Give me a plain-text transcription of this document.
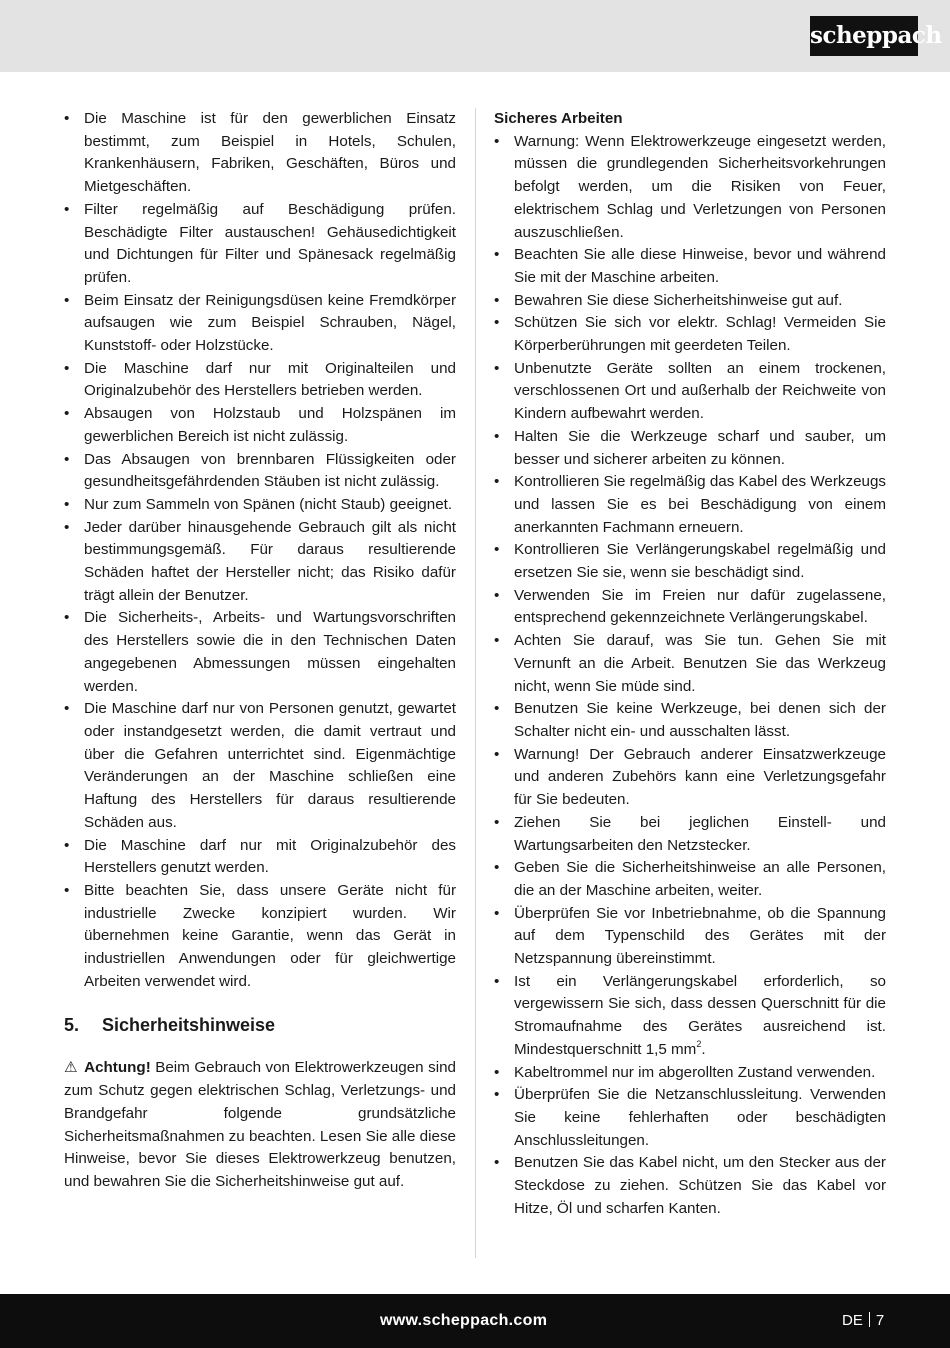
scheppach
• Die Maschine ist für den gewerblichen Einsatz bestimmt, zum Beispiel in Hotels, Schulen, Krankenhäusern, Fabriken, Geschäften, Büros und Mietgeschäften.
• Filter regelmäßig auf Beschädigung prüfen. Beschädigte Filter austauschen! Gehäusedichtigkeit und Dichtungen für Filter und Spänesack regelmäßig prüfen.
• Beim Einsatz der Reinigungsdüsen keine Fremdkörper aufsaugen wie zum Beispiel Schrauben, Nägel, Kunststoff- oder Holzstücke.
• Die Maschine darf nur mit Originalteilen und Originalzubehör des Herstellers betrieben werden.
• Absaugen von Holzstaub und Holzspänen im gewerblichen Bereich ist nicht zulässig.
• Das Absaugen von brennbaren Flüssigkeiten oder gesundheitsgefährdenden Stäuben ist nicht zulässig.
• Nur zum Sammeln von Spänen (nicht Staub) geeignet.
• Jeder darüber hinausgehende Gebrauch gilt als nicht bestimmungsgemäß. Für daraus resultierende Schäden haftet der Hersteller nicht; das Risiko dafür trägt allein der Benutzer.
• Die Sicherheits-, Arbeits- und Wartungsvorschriften des Herstellers sowie die in den Technischen Daten angegebenen Abmessungen müssen eingehalten werden.
• Die Maschine darf nur von Personen genutzt, gewartet oder instandgesetzt werden, die damit vertraut und über die Gefahren unterrichtet sind. Eigenmächtige Veränderungen an der Maschine schließen eine Haftung des Herstellers für daraus resultierende Schäden aus.
• Die Maschine darf nur mit Originalzubehör des Herstellers genutzt werden.
• Bitte beachten Sie, dass unsere Geräte nicht für industrielle Zwecke konzipiert wurden. Wir übernehmen keine Garantie, wenn das Gerät in industriellen Anwendungen oder für gleichwertige Arbeiten verwendet wird.
5. Sicherheitshinweise

⚠ Achtung! Beim Gebrauch von Elektrowerkzeugen sind zum Schutz gegen elektrischen Schlag, Verletzungs- und Brandgefahr folgende grundsätzliche Sicherheitsmaßnahmen zu beachten. Lesen Sie alle diese Hinweise, bevor Sie dieses Elektrowerkzeug benutzen, und bewahren Sie die Sicherheitshinweise gut auf.

Sicheres Arbeiten
• Warnung: Wenn Elektrowerkzeuge eingesetzt werden, müssen die grundlegenden Sicherheitsvorkehrungen befolgt werden, um die Risiken von Feuer, elektrischem Schlag und Verletzungen von Personen auszuschließen.
• Beachten Sie alle diese Hinweise, bevor und während Sie mit der Maschine arbeiten.
• Bewahren Sie diese Sicherheitshinweise gut auf.
• Schützen Sie sich vor elektr. Schlag! Vermeiden Sie Körperberührungen mit geerdeten Teilen.
• Unbenutzte Geräte sollten an einem trockenen, verschlossenen Ort und außerhalb der Reichweite von Kindern aufbewahrt werden.
• Halten Sie die Werkzeuge scharf und sauber, um besser und sicherer arbeiten zu können.
• Kontrollieren Sie regelmäßig das Kabel des Werkzeugs und lassen Sie es bei Beschädigung von einem anerkannten Fachmann erneuern.
• Kontrollieren Sie Verlängerungskabel regelmäßig und ersetzen Sie sie, wenn sie beschädigt sind.
• Verwenden Sie im Freien nur dafür zugelassene, entsprechend gekennzeichnete Verlängerungskabel.
• Achten Sie darauf, was Sie tun. Gehen Sie mit Vernunft an die Arbeit. Benutzen Sie das Werkzeug nicht, wenn Sie müde sind.
• Benutzen Sie keine Werkzeuge, bei denen sich der Schalter nicht ein- und ausschalten lässt.
• Warnung! Der Gebrauch anderer Einsatzwerkzeuge und anderen Zubehörs kann eine Verletzungsgefahr für Sie bedeuten.
• Ziehen Sie bei jeglichen Einstell- und Wartungsarbeiten den Netzstecker.
• Geben Sie die Sicherheitshinweise an alle Personen, die an der Maschine arbeiten, weiter.
• Überprüfen Sie vor Inbetriebnahme, ob die Spannung auf dem Typenschild des Gerätes mit der Netzspannung übereinstimmt.
• Ist ein Verlängerungskabel erforderlich, so vergewissern Sie sich, dass dessen Querschnitt für die Stromaufnahme des Gerätes ausreichend ist. Mindestquerschnitt 1,5 $mm^2$.
• Kabeltrommel nur im abgerollten Zustand verwenden.
• Überprüfen Sie die Netzanschlussleitung. Verwenden Sie keine fehlerhaften oder beschädigten Anschlussleitungen.
• Benutzen Sie das Kabel nicht, um den Stecker aus der Steckdose zu ziehen. Schützen Sie das Kabel vor Hitze, Öl und scharfen Kanten.
www.scheppach.com	DE 7
